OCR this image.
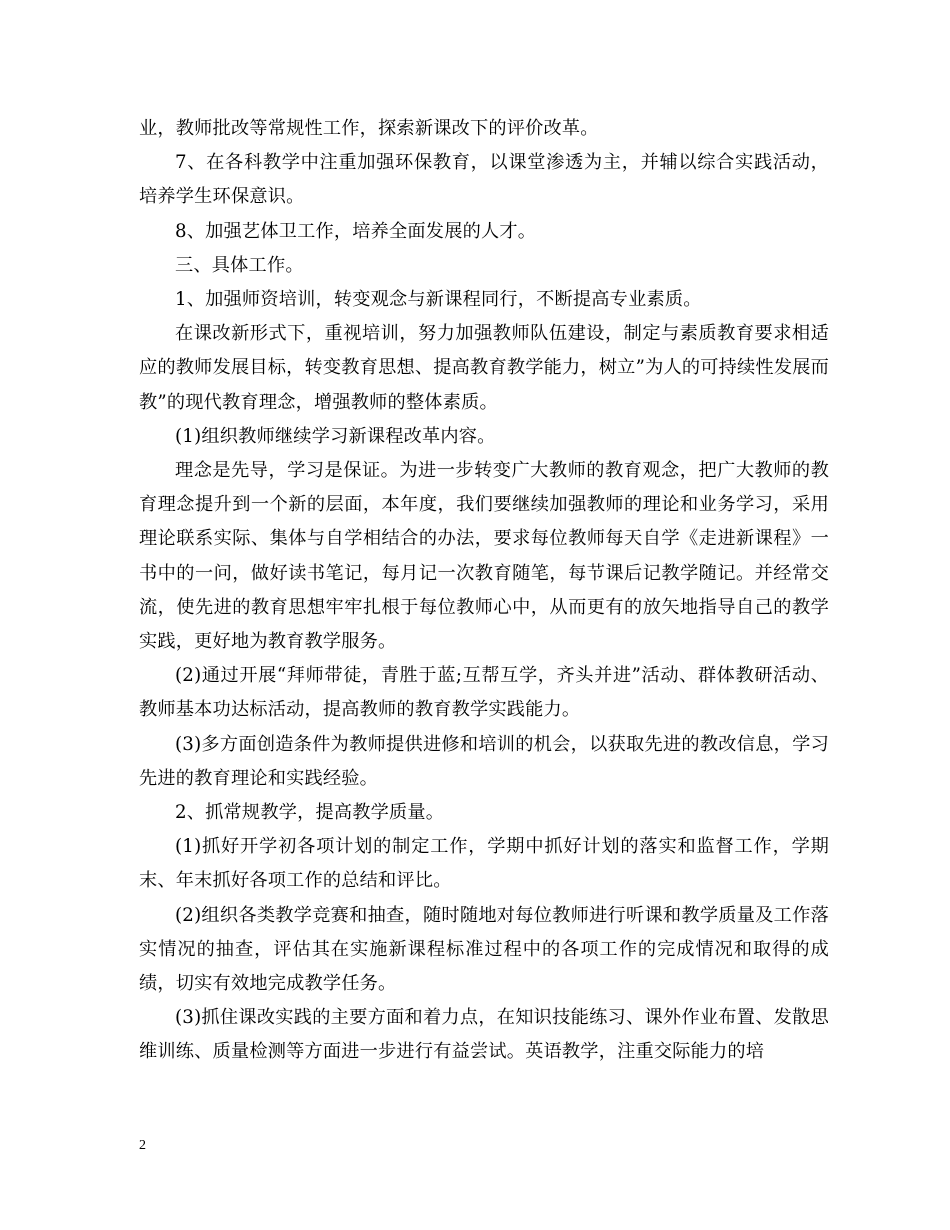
业，教师批改等常规性工作，探索新课改下的评价改革。

7、在各科教学中注重加强环保教育，以课堂渗透为主，并辅以综合实践活动，培养学生环保意识。

8、加强艺体卫工作，培养全面发展的人才。

三、具体工作。

1、加强师资培训，转变观念与新课程同行，不断提高专业素质。

在课改新形式下，重视培训，努力加强教师队伍建设，制定与素质教育要求相适应的教师发展目标，转变教育思想、提高教育教学能力，树立”为人的可持续性发展而教”的现代教育理念，增强教师的整体素质。

(1)组织教师继续学习新课程改革内容。

理念是先导，学习是保证。为进一步转变广大教师的教育观念，把广大教师的教育理念提升到一个新的层面，本年度，我们要继续加强教师的理论和业务学习，采用理论联系实际、集体与自学相结合的办法，要求每位教师每天自学《走进新课程》一书中的一问，做好读书笔记，每月记一次教育随笔，每节课后记教学随记。并经常交流，使先进的教育思想牢牢扎根于每位教师心中，从而更有的放矢地指导自己的教学实践，更好地为教育教学服务。

(2)通过开展“拜师带徒，青胜于蓝;互帮互学，齐头并进”活动、群体教研活动、教师基本功达标活动，提高教师的教育教学实践能力。

(3)多方面创造条件为教师提供进修和培训的机会，以获取先进的教改信息，学习先进的教育理论和实践经验。

2、抓常规教学，提高教学质量。

(1)抓好开学初各项计划的制定工作，学期中抓好计划的落实和监督工作，学期末、年末抓好各项工作的总结和评比。

(2)组织各类教学竞赛和抽查，随时随地对每位教师进行听课和教学质量及工作落实情况的抽查，评估其在实施新课程标准过程中的各项工作的完成情况和取得的成绩，切实有效地完成教学任务。

(3)抓住课改实践的主要方面和着力点，在知识技能练习、课外作业布置、发散思维训练、质量检测等方面进一步进行有益尝试。英语教学，注重交际能力的培

2
